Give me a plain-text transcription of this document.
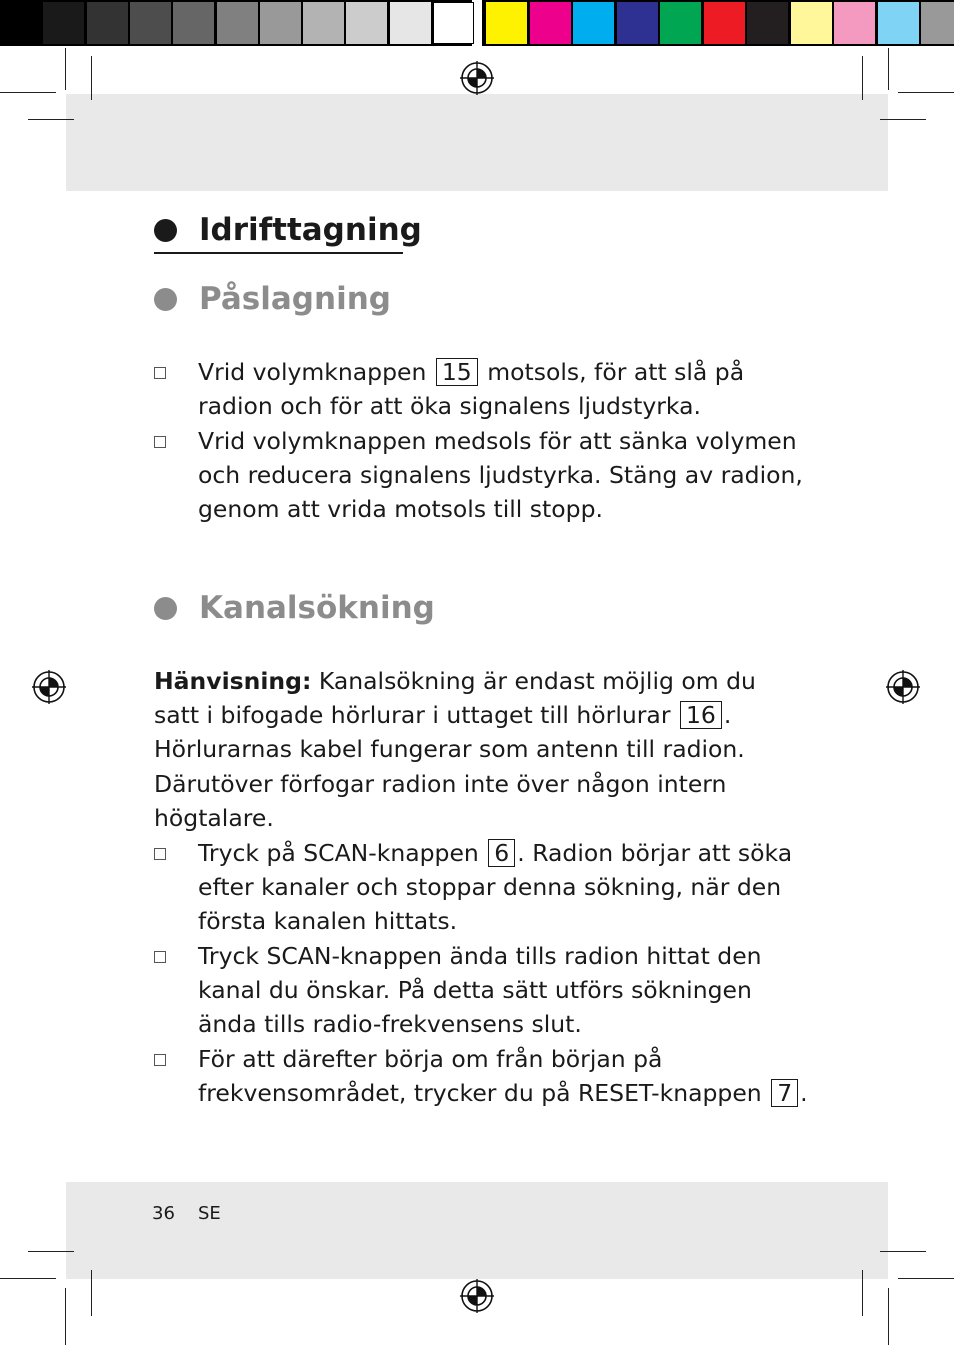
Idrifttagning
Påslagning
Vrid volymknappen 15 motsols, för att slå på radion och för att öka signalens ljudstyrka.
Vrid volymknappen medsols för att sänka volymen och reducera signalens ljudstyrka. Stäng av radion, genom att vrida motsols till stopp.
Kanalsökning
Hänvisning: Kanalsökning är endast möjlig om du satt i bifogade hörlurar i uttaget till hörlurar 16 . Hörlurarnas kabel fungerar som antenn till radion. Därutöver förfogar radion inte över någon intern högtalare.
Tryck på SCAN-knappen 6 . Radion börjar att söka efter kanaler och stoppar denna sökning, när den första kanalen hittats.
Tryck SCAN-knappen ända tills radion hittat den kanal du önskar. På detta sätt utförs sökningen ända tills radio-frekvensens slut.
För att därefter börja om från början på frekvensområdet, trycker du på RESET-knappen 7 .
36 SE
